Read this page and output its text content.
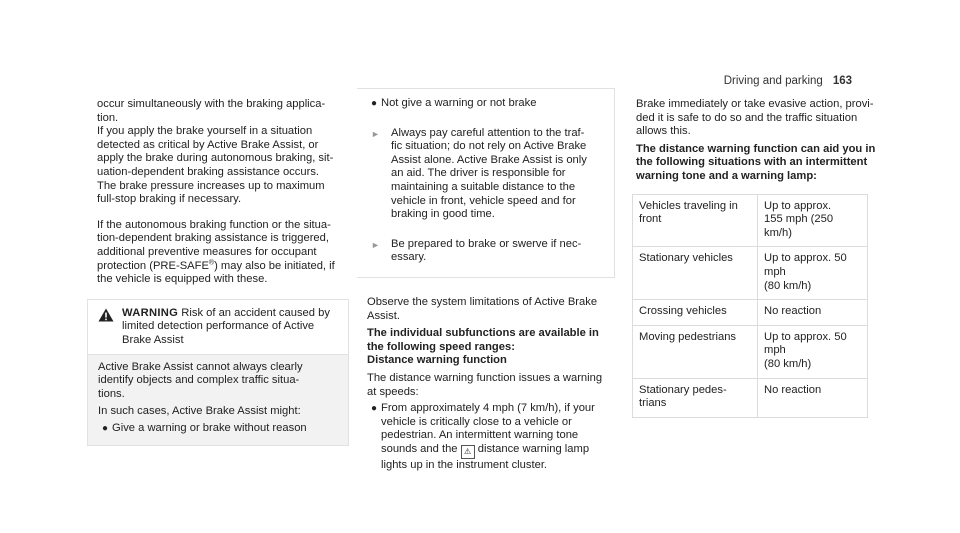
Driving and parking 163

occur simultaneously with the braking applica-
tion.

If you apply the brake yourself in a situation
detected as critical by Active Brake Assist, or
apply the brake during autonomous braking, sit-
uation-dependent braking assistance occurs.
The brake pressure increases up to maximum
full-stop braking if necessary.

If the autonomous braking function or the situa-
tion-dependent braking assistance is triggered,
additional preventive measures for occupant
protection (PRE-SAFE®) may also be initiated, if
the vehicle is equipped with these.

WARNING Risk of an accident caused by
limited detection performance of Active
Brake Assist

Active Brake Assist cannot always clearly
identify objects and complex traffic situa-
tions.

In such cases, Active Brake Assist might:

● Give a warning or brake without reason
● Not give a warning or not brake
► Always pay careful attention to the traf-
fic situation; do not rely on Active Brake
Assist alone. Active Brake Assist is only
an aid. The driver is responsible for
maintaining a suitable distance to the
vehicle in front, vehicle speed and for
braking in good time.
► Be prepared to brake or swerve if nec-
essary.

Observe the system limitations of Active Brake
Assist.

The individual subfunctions are available in
the following speed ranges:
Distance warning function

The distance warning function issues a warning
at speeds:

● From approximately 4 mph (7 km/h), if your
vehicle is critically close to a vehicle or
pedestrian. An intermittent warning tone
sounds and the ⚠ distance warning lamp
lights up in the instrument cluster.

Brake immediately or take evasive action, provi-
ded it is safe to do so and the traffic situation
allows this.

The distance warning function can aid you in
the following situations with an intermittent
warning tone and a warning lamp:

Vehicles traveling in
front	Up to approx.
155 mph (250 km/h)
Stationary vehicles	Up to approx. 50 mph
(80 km/h)
Crossing vehicles	No reaction
Moving pedestrians	Up to approx. 50 mph
(80 km/h)
Stationary pedes-
trians	No reaction
